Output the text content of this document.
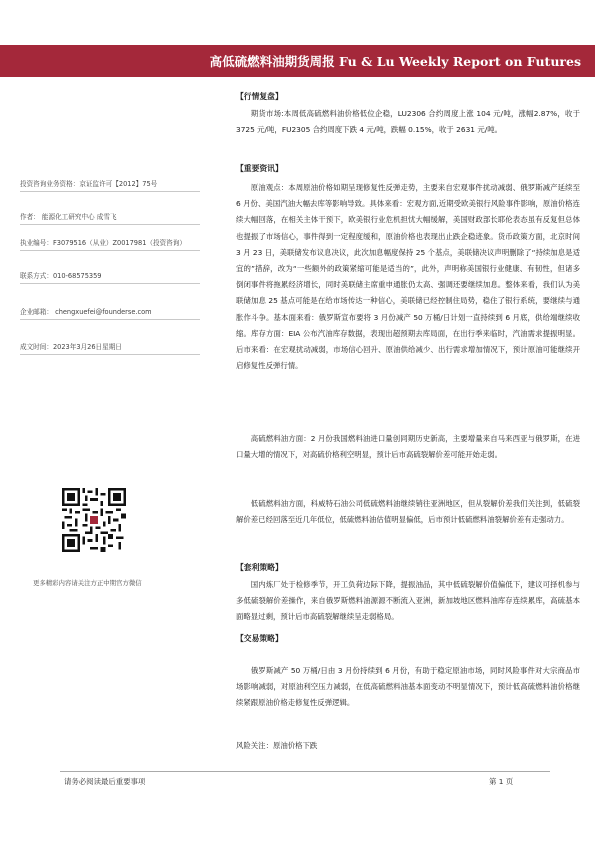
高低硫燃料油期货周报 Fu & Lu Weekly Report on Futures
投资咨询业务资格：京证监许可【2012】75号
作者： 能源化工研究中心 成雪飞
执业编号：F3079516（从业）Z0017981（投资咨询）
联系方式：010-68575359
企业邮箱： chengxuefei@founderse.com
成文时间：2023年3月26日星期日
更多精彩内容请关注方正中期官方微信
【行情复盘】

期货市场:本周低高硫燃料油价格低位企稳，LU2306 合约周度上涨 104 元/吨，涨幅2.87%，收于 3725 元/吨，FU2305 合约周度下跌 4 元/吨，跌幅 0.15%，收于 2631 元/吨。

【重要资讯】

原油观点：本周原油价格如期呈现修复性反弹走势，主要来自宏观事件扰动减弱、俄罗斯减产延续至 6 月份、美国汽油大幅去库等影响导致。具体来看：宏观方面,近期受欧美银行风险事件影响，原油价格连续大幅回落，在相关主体干预下，欧美银行业危机担忧大幅缓解，美国财政部长耶伦表态虽有反复但总体也提振了市场信心，事件得到一定程度缓和，原油价格也表现出止跌企稳迹象。货币政策方面，北京时间 3 月 23 日，美联储发布议息决议，此次加息幅度保持 25 个基点，美联储决议声明删除了“持续加息是适宜的”措辞，改为“一些额外的政策紧缩可能是适当的”，此外，声明称美国银行业健康、有韧性，但诸多倒闭事件将拖累经济增长，同时美联储主席重申通胀仍太高、强调还要继续加息。整体来看，我们认为美联储加息 25 基点可能是在给市场传达一种信心，美联储已经控制住局势，稳住了银行系统，要继续与通胀作斗争。基本面来看：俄罗斯宣布要将 3 月份减产 50 万桶/日计划一直持续到 6 月底，供给端继续收缩。库存方面：EIA 公布汽油库存数据，表现出超预期去库局面，在出行季来临时，汽油需求提振明显。后市来看：在宏观扰动减弱，市场信心回升、原油供给减少、出行需求增加情况下，预计原油可能继续开启修复性反弹行情。

高硫燃料油方面：2 月份我国燃料油进口量创同期历史新高，主要增量来自马来西亚与俄罗斯，在进口量大增的情况下，对高硫价格利空明显，预计后市高硫裂解价差可能开始走弱。

低硫燃料油方面，科威特石油公司低硫燃料油继续销往亚洲地区，但从裂解价差我们关注到，低硫裂解价差已经回落至近几年低位，低硫燃料油估值明显偏低，后市预计低硫燃料油裂解价差有走强动力。

【套利策略】

国内炼厂处于检修季节，开工负荷边际下降，提振油品，其中低硫裂解价值偏低下，建议可择机参与多低硫裂解价差操作，来自俄罗斯燃料油源源不断流入亚洲，新加坡地区燃料油库存连续累库，高硫基本面略显过剩，预计后市高硫裂解继续呈走弱格局。

【交易策略】

俄罗斯减产 50 万桶/日由 3 月份持续到 6 月份，有助于稳定原油市场，同时风险事件对大宗商品市场影响减弱，对原油利空压力减弱，在低高硫燃料油基本面变动不明显情况下，预计低高硫燃料油价格继续紧跟原油价格走修复性反弹逻辑。

风险关注：原油价格下跌
请务必阅读最后重要事项	第 1 页
